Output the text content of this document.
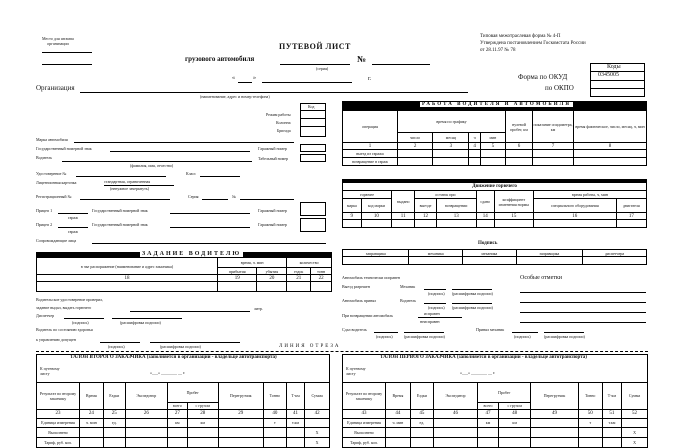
Место для штампа
организации	ПУТЕВОЙ ЛИСТ
грузового автомобиля
(серия)
№
«	»	г.
Организация
(наименование, адрес и номер телефона)
Типовая межотраслевая форма № 4-П
Утверждена постановлением Госкомстата России
от 28.11.97 № 78
Коды
0345005
Форма по ОКУД
по ОКПО
Код
Режим работы
Колонна
Бригада
Марка автомобиля
Государственный номерной знак	Гаражный номер
Водитель	Табельный номер
(фамилия, имя, отчество)
Удостоверение №	Класс
Лицензионная карточка	стандартная, ограниченная
(ненужное зачеркнуть)
Регистрационный №	Серия	№
Прицеп 1	Государственный номерной знак	Гаражный номер
гараж
Прицеп 2	Государственный номерной знак	Гаражный номер
гараж
Сопровождающие лица
РАБОТА ВОДИТЕЛЯ И АВТОМОБИЛЯ
операция	время по графику				нулевой пробег, км	показание спидометра, км	время фактическое, число, месяц, ч, мин
	число	месяц	ч	мин			
1	2	3	4	5	6	7	8
выезд из гаража							
возвращение в гараж							
Движение горючего								
горючее		выдано	остаток при		сдано	коэффициент изменения нормы	время работы, ч, мин	
марка	код марки		выезде	возвращении			специального оборудования	двигателя
9	10	11	12	13	14	15	16	17

Подпись
заправщика	механика	механика	заправщика	диспетчера

ЗАДАНИЕ ВОДИТЕЛЮ
в чье распоряжение (наименование и адрес заказчика)	время, ч. мин		количество	
	прибытия	убытия	ездок	тонн
18	19	20	21	22

Водительское удостоверение проверил,
задание выдал, выдать горючего	литр.
Диспетчер
(подпись)	(расшифровка подписи)
Водитель по состоянию здоровья
к управлению допущен
(подпись)	(расшифровка подписи)
Автомобиль технически исправен
Выезд разрешен	Механик
(подпись) (расшифровка подписи)
Автомобиль принял	Водитель
(подпись) (расшифровка подписи)
При возвращении автомобиль	исправен
неисправен
Сдал водитель	Принял механик
(подпись)	(расшифровка подписи)	(подпись)	(расшифровка подписи)
Особые отметки
ЛИНИЯ ОТРЕЗА
ТАЛОН ВТОРОГО ЗАКАЗЧИКА (заполняется в организации - владельце автотранспорта)
К путевому листу	«___» ________ __ г.
Результат по второму заказчику	Время	Ездки	Экспедитор	Пробег		Перегрузчик	Тонно	Т-км	Сумма
				всего	с грузом				
23	24	25	26	27	28	29	40	41	42
Единица измерения	ч. мин	ед.		км	км		т	т.км	
Выполнено									X
Тариф, руб. коп.									X
ТАЛОН ПЕРВОГО ЗАКАЗЧИКА (заполняется в организации - владельце автотранспорта)
К путевому листу	«___» ________ __ г.
Результат по второму заказчику	Время	Ездки	Экспедитор	Пробег		Перегрузчик	Тонно	Т-км	Сумма
				всего	с грузом				
43	44	45	46	47	48	49	50	51	52
Единица измерения	ч. мин	ед.		км	км		т	т.км	
Выполнено									X
Тариф, руб. коп.									X
